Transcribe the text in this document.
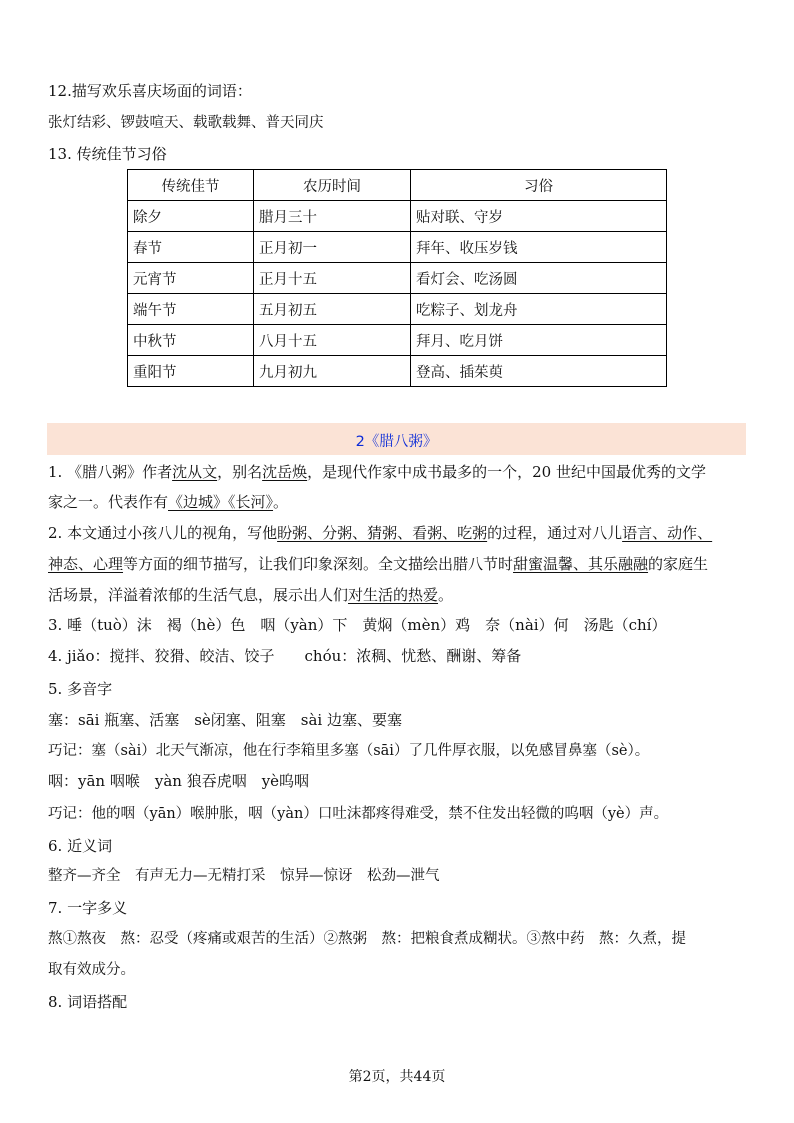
12.描写欢乐喜庆场面的词语：
张灯结彩、锣鼓喧天、载歌载舞、普天同庆
13. 传统佳节习俗
传统佳节	农历时间	习俗
除夕	腊月三十	贴对联、守岁
春节	正月初一	拜年、收压岁钱
元宵节	正月十五	看灯会、吃汤圆
端午节	五月初五	吃粽子、划龙舟
中秋节	八月十五	拜月、吃月饼
重阳节	九月初九	登高、插茱萸
2《腊八粥》
1. 《腊八粥》作者沈从文，别名沈岳焕，是现代作家中成书最多的一个，20 世纪中国最优秀的文学
家之一。代表作有《边城》《长河》。
2. 本文通过小孩八儿的视角，写他盼粥、分粥、猜粥、看粥、吃粥的过程，通过对八儿语言、动作、
神态、心理等方面的细节描写，让我们印象深刻。全文描绘出腊八节时甜蜜温馨、其乐融融的家庭生
活场景，洋溢着浓郁的生活气息，展示出人们对生活的热爱。
3. 唾（tuò）沫　褐（hè）色　咽（yàn）下　黄焖（mèn）鸡　奈（nài）何　汤匙（chí）
4. jiǎo：搅拌、狡猾、皎洁、饺子 chóu：浓稠、忧愁、酬谢、筹备
5. 多音字
塞：sāi 瓶塞、活塞　sè闭塞、阻塞　sài 边塞、要塞
巧记：塞（sài）北天气渐凉，他在行李箱里多塞（sāi）了几件厚衣服，以免感冒鼻塞（sè）。
咽：yān 咽喉　yàn 狼吞虎咽　yè呜咽
巧记：他的咽（yān）喉肿胀，咽（yàn）口吐沫都疼得难受，禁不住发出轻微的呜咽（yè）声。
6. 近义词
整齐—齐全　有声无力—无精打采　惊异—惊讶　松劲—泄气
7. 一字多义
熬①熬夜　熬：忍受（疼痛或艰苦的生活）②熬粥　熬：把粮食煮成糊状。③熬中药　熬：久煮，提
取有效成分。
8. 词语搭配
第2页，共44页
